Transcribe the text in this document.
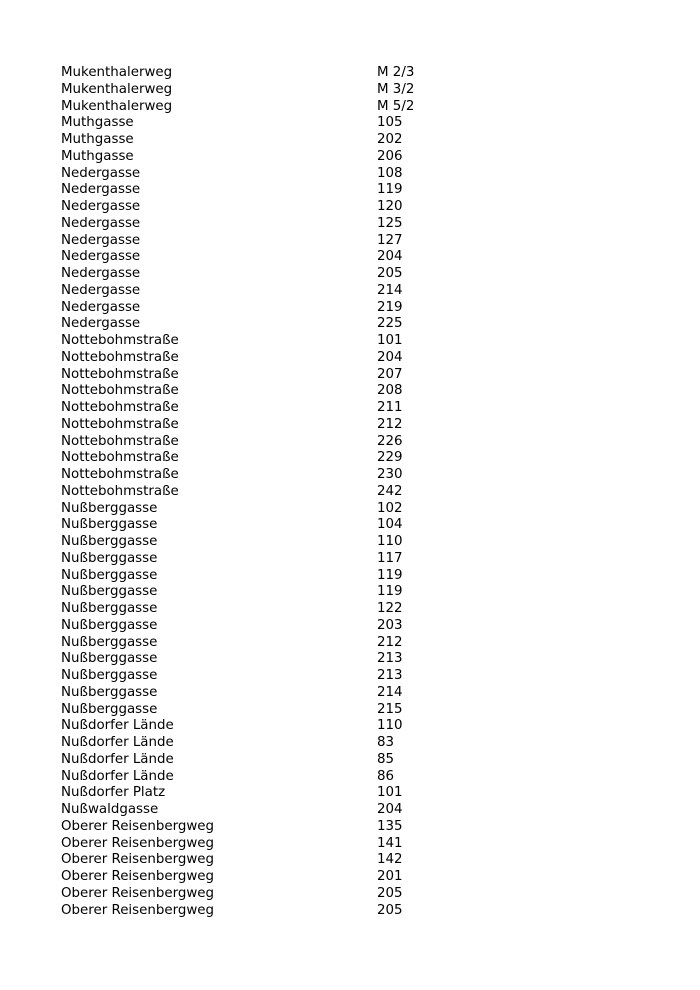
Mukenthalerweg	M 2/3
Mukenthalerweg	M 3/2
Mukenthalerweg	M 5/2
Muthgasse	105
Muthgasse	202
Muthgasse	206
Nedergasse	108
Nedergasse	119
Nedergasse	120
Nedergasse	125
Nedergasse	127
Nedergasse	204
Nedergasse	205
Nedergasse	214
Nedergasse	219
Nedergasse	225
Nottebohmstraße	101
Nottebohmstraße	204
Nottebohmstraße	207
Nottebohmstraße	208
Nottebohmstraße	211
Nottebohmstraße	212
Nottebohmstraße	226
Nottebohmstraße	229
Nottebohmstraße	230
Nottebohmstraße	242
Nußberggasse	102
Nußberggasse	104
Nußberggasse	110
Nußberggasse	117
Nußberggasse	119
Nußberggasse	119
Nußberggasse	122
Nußberggasse	203
Nußberggasse	212
Nußberggasse	213
Nußberggasse	213
Nußberggasse	214
Nußberggasse	215
Nußdorfer Lände	110
Nußdorfer Lände	83
Nußdorfer Lände	85
Nußdorfer Lände	86
Nußdorfer Platz	101
Nußwaldgasse	204
Oberer Reisenbergweg	135
Oberer Reisenbergweg	141
Oberer Reisenbergweg	142
Oberer Reisenbergweg	201
Oberer Reisenbergweg	205
Oberer Reisenbergweg	205
